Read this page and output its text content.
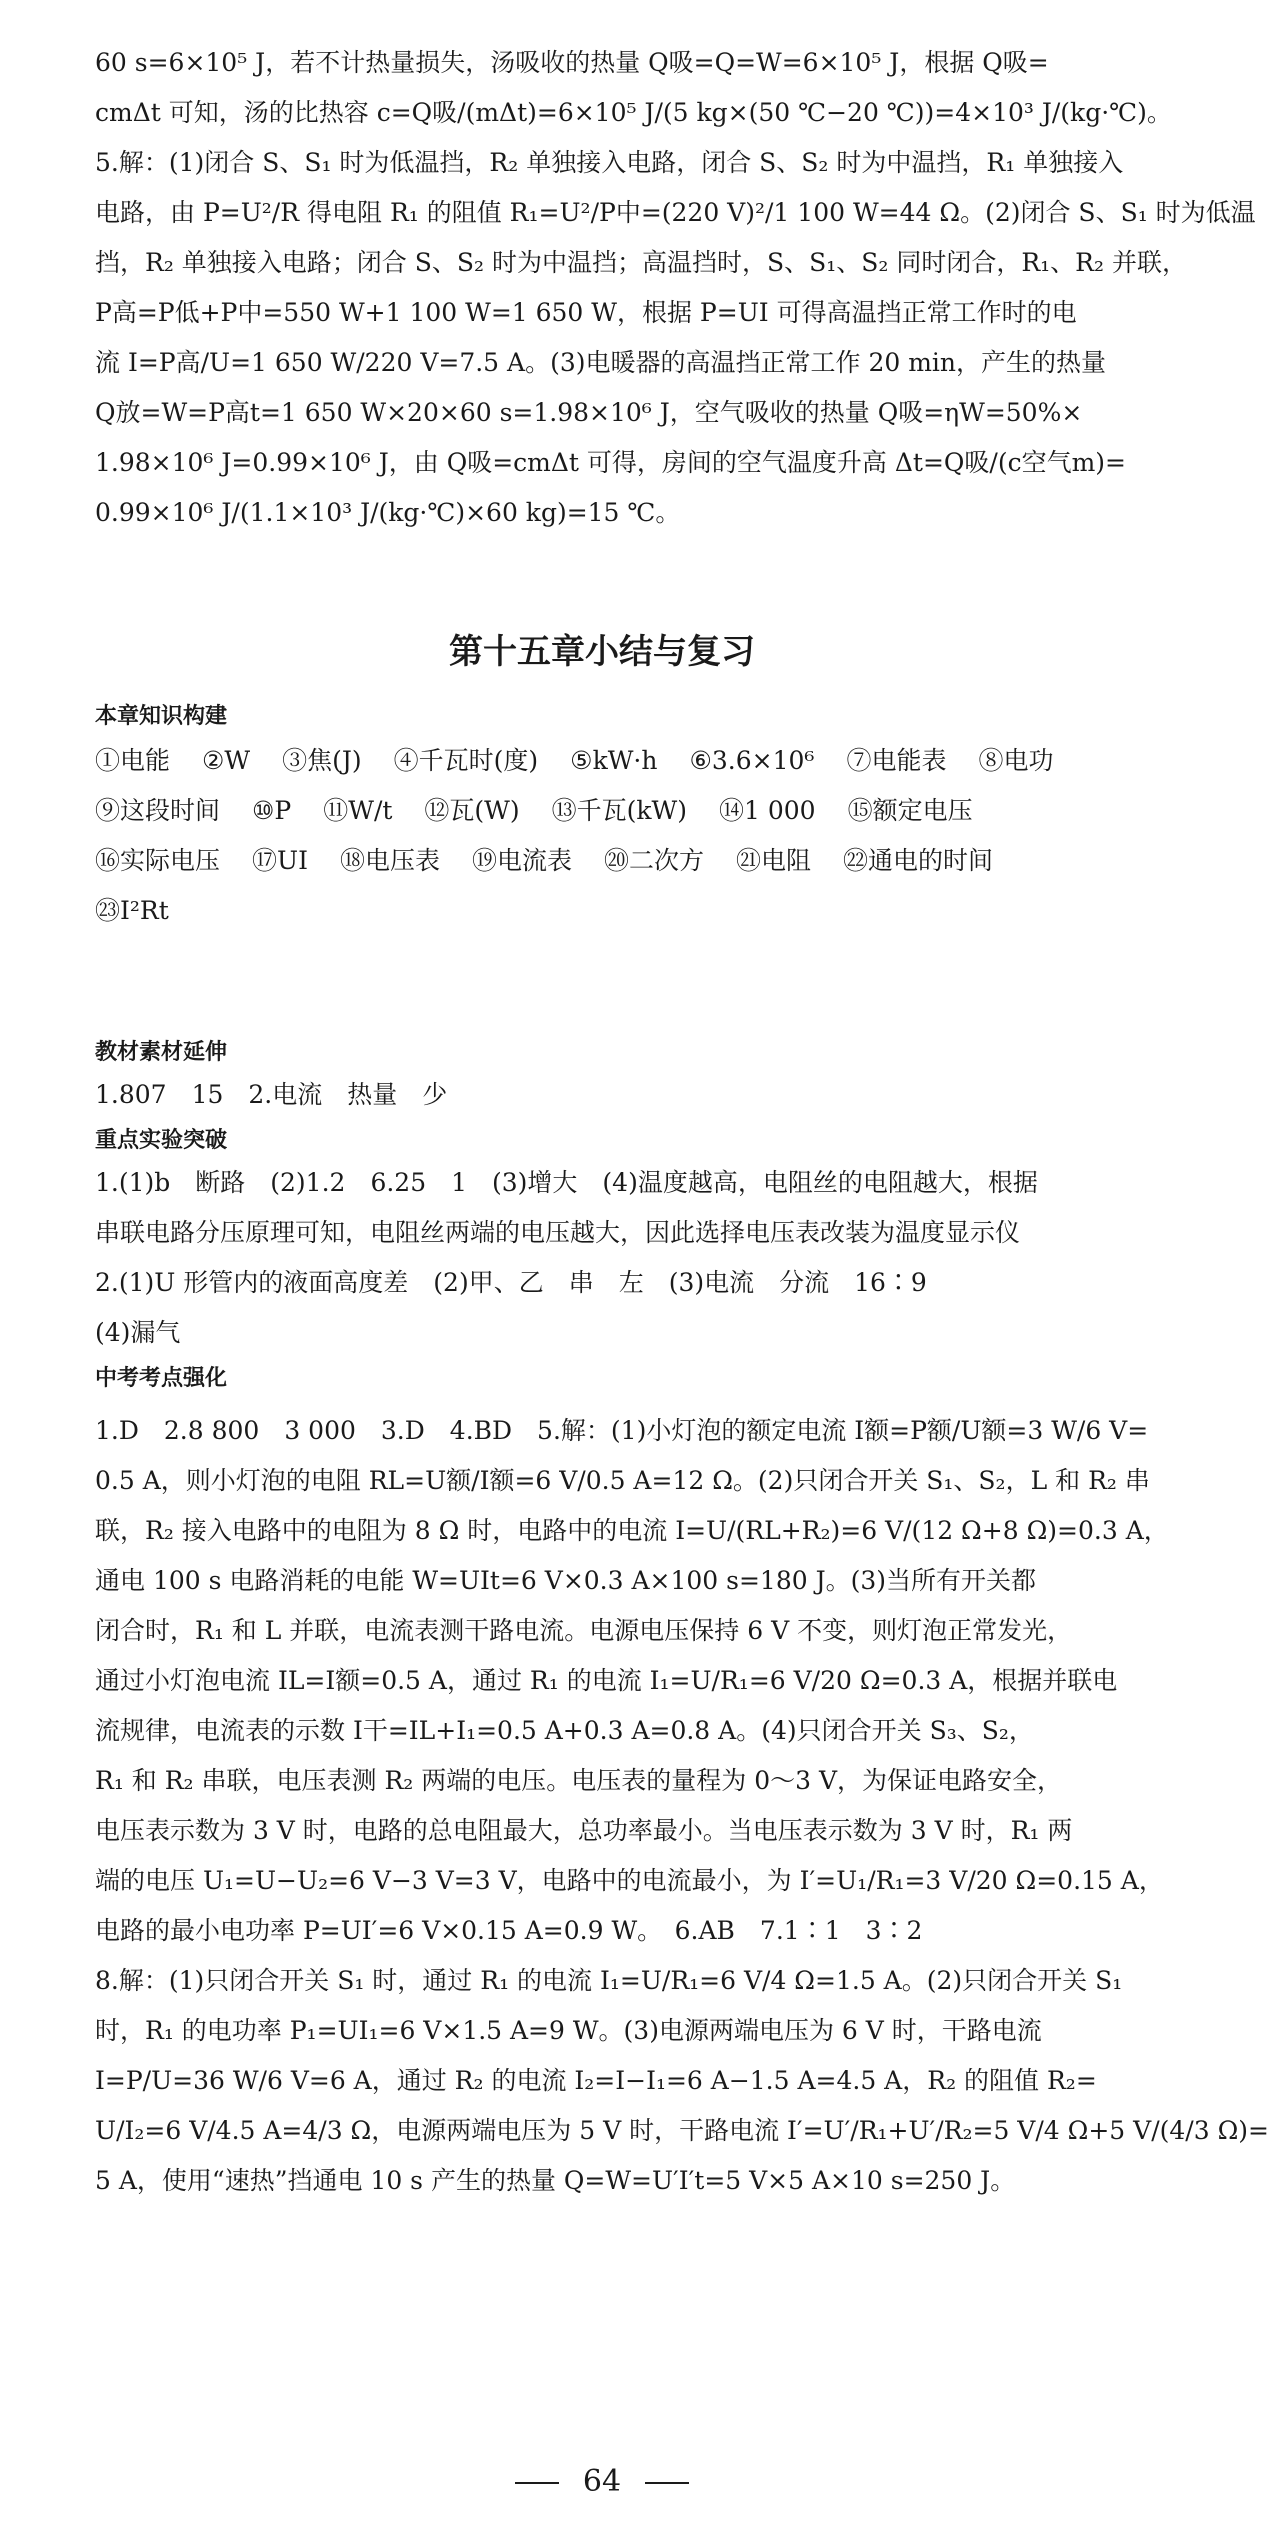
60 s=6×10⁵ J，若不计热量损失，汤吸收的热量 Q吸=Q=W=6×10⁵ J，根据 Q吸=
cmΔt 可知，汤的比热容 c=Q吸/(mΔt)=6×10⁵ J/(5 kg×(50 ℃−20 ℃))=4×10³ J/(kg·℃)。
5.解：(1)闭合 S、S₁ 时为低温挡，R₂ 单独接入电路，闭合 S、S₂ 时为中温挡，R₁ 单独接入
电路，由 P=U²/R 得电阻 R₁ 的阻值 R₁=U²/P中=(220 V)²/1 100 W=44 Ω。(2)闭合 S、S₁ 时为低温
挡，R₂ 单独接入电路；闭合 S、S₂ 时为中温挡；高温挡时，S、S₁、S₂ 同时闭合，R₁、R₂ 并联，
P高=P低+P中=550 W+1 100 W=1 650 W，根据 P=UI 可得高温挡正常工作时的电
流 I=P高/U=1 650 W/220 V=7.5 A。(3)电暖器的高温挡正常工作 20 min，产生的热量
Q放=W=P高t=1 650 W×20×60 s=1.98×10⁶ J，空气吸收的热量 Q吸=ηW=50%×
1.98×10⁶ J=0.99×10⁶ J，由 Q吸=cmΔt 可得，房间的空气温度升高 Δt=Q吸/(c空气m)=
0.99×10⁶ J/(1.1×10³ J/(kg·℃)×60 kg)=15 ℃。
第十五章小结与复习
本章知识构建
①电能 ②W ③焦(J) ④千瓦时(度) ⑤kW·h ⑥3.6×10⁶ ⑦电能表 ⑧电功
⑨这段时间 ⑩P ⑪W/t ⑫瓦(W) ⑬千瓦(kW) ⑭1 000 ⑮额定电压
⑯实际电压 ⑰UI ⑱电压表 ⑲电流表 ⑳二次方 ㉑电阻 ㉒通电的时间
㉓I²Rt
教材素材延伸
1.807　15　2.电流　热量　少
重点实验突破
1.(1)b　断路　(2)1.2　6.25　1　(3)增大　(4)温度越高，电阻丝的电阻越大，根据
串联电路分压原理可知，电阻丝两端的电压越大，因此选择电压表改装为温度显示仪
2.(1)U 形管内的液面高度差　(2)甲、乙　串　左　(3)电流　分流　16∶9
(4)漏气
中考考点强化
1.D　2.8 800　3 000　3.D　4.BD　5.解：(1)小灯泡的额定电流 I额=P额/U额=3 W/6 V=
0.5 A，则小灯泡的电阻 RL=U额/I额=6 V/0.5 A=12 Ω。(2)只闭合开关 S₁、S₂，L 和 R₂ 串
联，R₂ 接入电路中的电阻为 8 Ω 时，电路中的电流 I=U/(RL+R₂)=6 V/(12 Ω+8 Ω)=0.3 A，
通电 100 s 电路消耗的电能 W=UIt=6 V×0.3 A×100 s=180 J。(3)当所有开关都
闭合时，R₁ 和 L 并联，电流表测干路电流。电源电压保持 6 V 不变，则灯泡正常发光，
通过小灯泡电流 IL=I额=0.5 A，通过 R₁ 的电流 I₁=U/R₁=6 V/20 Ω=0.3 A，根据并联电
流规律，电流表的示数 I干=IL+I₁=0.5 A+0.3 A=0.8 A。(4)只闭合开关 S₃、S₂，
R₁ 和 R₂ 串联，电压表测 R₂ 两端的电压。电压表的量程为 0～3 V，为保证电路安全，
电压表示数为 3 V 时，电路的总电阻最大，总功率最小。当电压表示数为 3 V 时，R₁ 两
端的电压 U₁=U−U₂=6 V−3 V=3 V，电路中的电流最小，为 I′=U₁/R₁=3 V/20 Ω=0.15 A，
电路的最小电功率 P=UI′=6 V×0.15 A=0.9 W。　6.AB　7.1∶1　3∶2
8.解：(1)只闭合开关 S₁ 时，通过 R₁ 的电流 I₁=U/R₁=6 V/4 Ω=1.5 A。(2)只闭合开关 S₁
时，R₁ 的电功率 P₁=UI₁=6 V×1.5 A=9 W。(3)电源两端电压为 6 V 时，干路电流
I=P/U=36 W/6 V=6 A，通过 R₂ 的电流 I₂=I−I₁=6 A−1.5 A=4.5 A，R₂ 的阻值 R₂=
U/I₂=6 V/4.5 A=4/3 Ω，电源两端电压为 5 V 时，干路电流 I′=U′/R₁+U′/R₂=5 V/4 Ω+5 V/(4/3 Ω)=
5 A，使用“速热”挡通电 10 s 产生的热量 Q=W=U′I′t=5 V×5 A×10 s=250 J。
64
